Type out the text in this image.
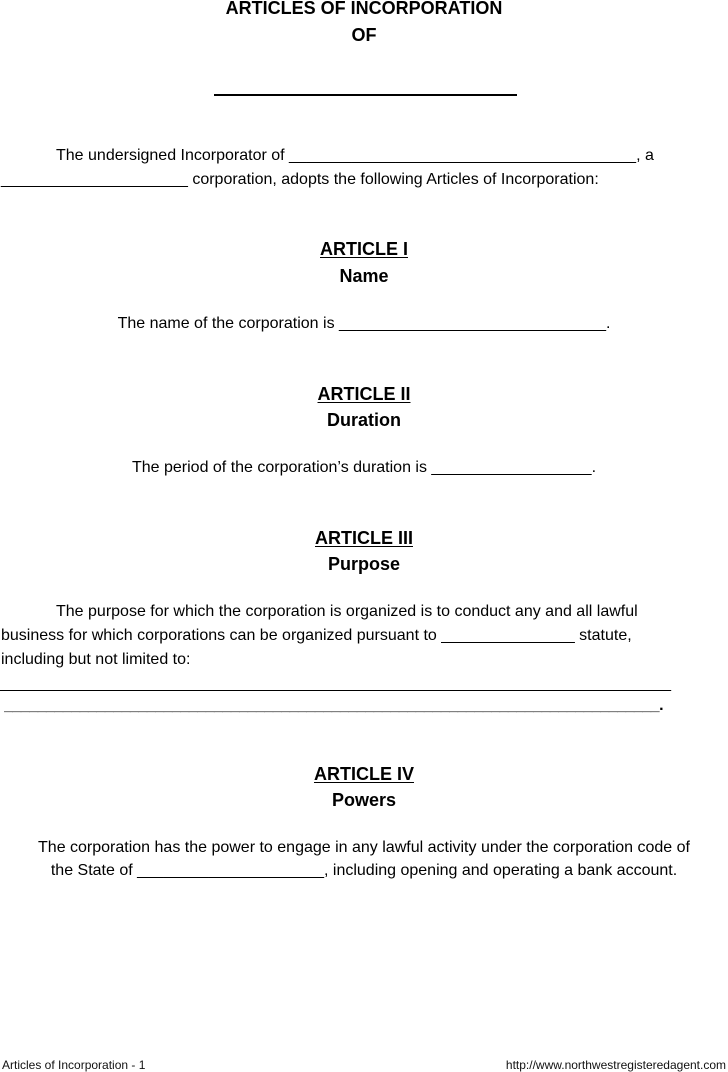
ARTICLES OF INCORPORATION
OF
The undersigned Incorporator of _______________________________________, a
_____________________ corporation, adopts the following Articles of Incorporation:
ARTICLE I
Name
The name of the corporation is ______________________________.
ARTICLE II
Duration
The period of the corporation’s duration is __________________.
ARTICLE III
Purpose
The purpose for which the corporation is organized is to conduct any and all lawful
business for which corporations can be organized pursuant to _______________ statute,
including but not limited to:
______________________________________________________________________________
______________________________________________________________________________.
ARTICLE IV
Powers
The corporation has the power to engage in any lawful activity under the corporation code of
the State of _____________________, including opening and operating a bank account.
Articles of Incorporation - 1	http://www.northwestregisteredagent.com
